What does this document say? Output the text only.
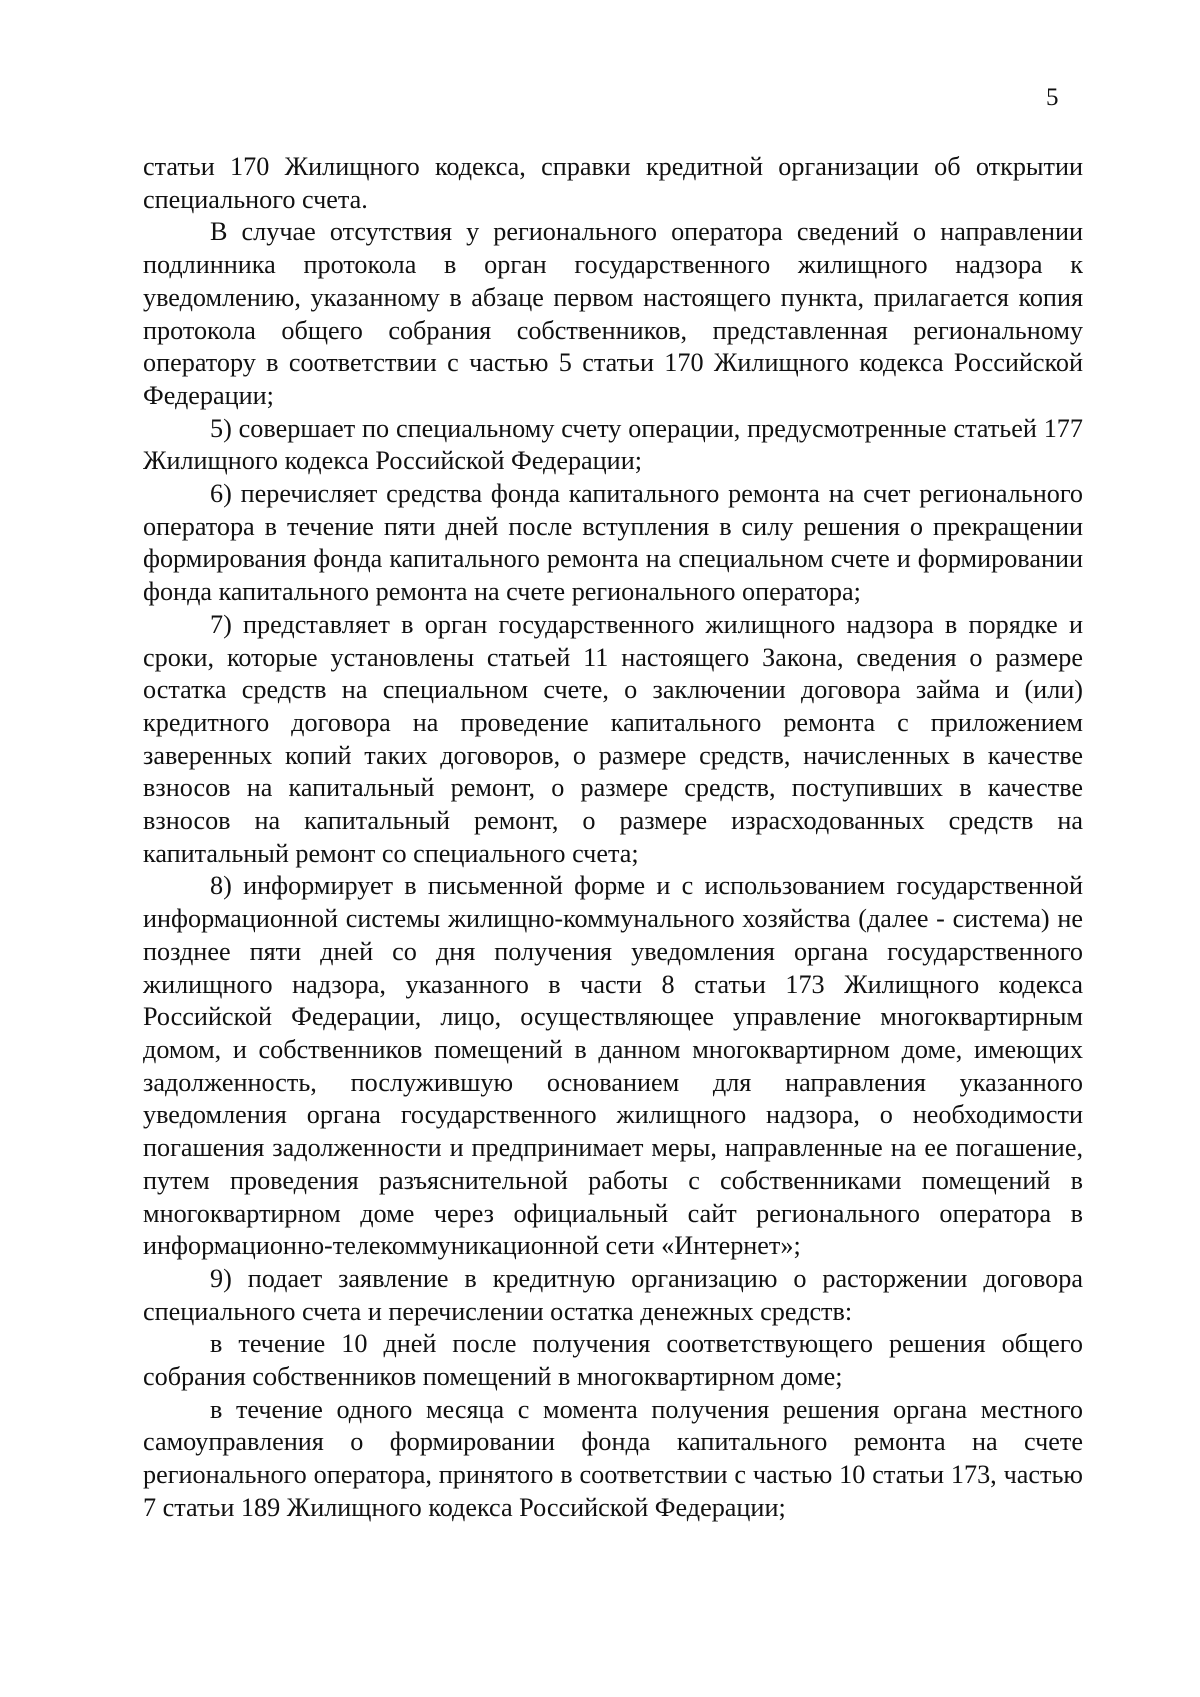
5

статьи 170 Жилищного кодекса, справки кредитной организации об открытии специального счета.

В случае отсутствия у регионального оператора сведений о направлении подлинника протокола в орган государственного жилищного надзора к уведомлению, указанному в абзаце первом настоящего пункта, прилагается копия протокола общего собрания собственников, представленная региональному оператору в соответствии с частью 5 статьи 170 Жилищного кодекса Российской Федерации;

5) совершает по специальному счету операции, предусмотренные статьей 177 Жилищного кодекса Российской Федерации;

6) перечисляет средства фонда капитального ремонта на счет регионального оператора в течение пяти дней после вступления в силу решения о прекращении формирования фонда капитального ремонта на специальном счете и формировании фонда капитального ремонта на счете регионального оператора;

7) представляет в орган государственного жилищного надзора в порядке и сроки, которые установлены статьей 11 настоящего Закона, сведения о размере остатка средств на специальном счете, о заключении договора займа и (или) кредитного договора на проведение капитального ремонта с приложением заверенных копий таких договоров, о размере средств, начисленных в качестве взносов на капитальный ремонт, о размере средств, поступивших в качестве взносов на капитальный ремонт, о размере израсходованных средств на капитальный ремонт со специального счета;

8) информирует в письменной форме и с использованием государственной информационной системы жилищно-коммунального хозяйства (далее - система) не позднее пяти дней со дня получения уведомления органа государственного жилищного надзора, указанного в части 8 статьи 173 Жилищного кодекса Российской Федерации, лицо, осуществляющее управление многоквартирным домом, и собственников помещений в данном многоквартирном доме, имеющих задолженность, послужившую основанием для направления указанного уведомления органа государственного жилищного надзора, о необходимости погашения задолженности и предпринимает меры, направленные на ее погашение, путем проведения разъяснительной работы с собственниками помещений в многоквартирном доме через официальный сайт регионального оператора в информационно-телекоммуникационной сети «Интернет»;

9) подает заявление в кредитную организацию о расторжении договора специального счета и перечислении остатка денежных средств:

в течение 10 дней после получения соответствующего решения общего собрания собственников помещений в многоквартирном доме;

в течение одного месяца с момента получения решения органа местного самоуправления о формировании фонда капитального ремонта на счете регионального оператора, принятого в соответствии с частью 10 статьи 173, частью 7 статьи 189 Жилищного кодекса Российской Федерации;
